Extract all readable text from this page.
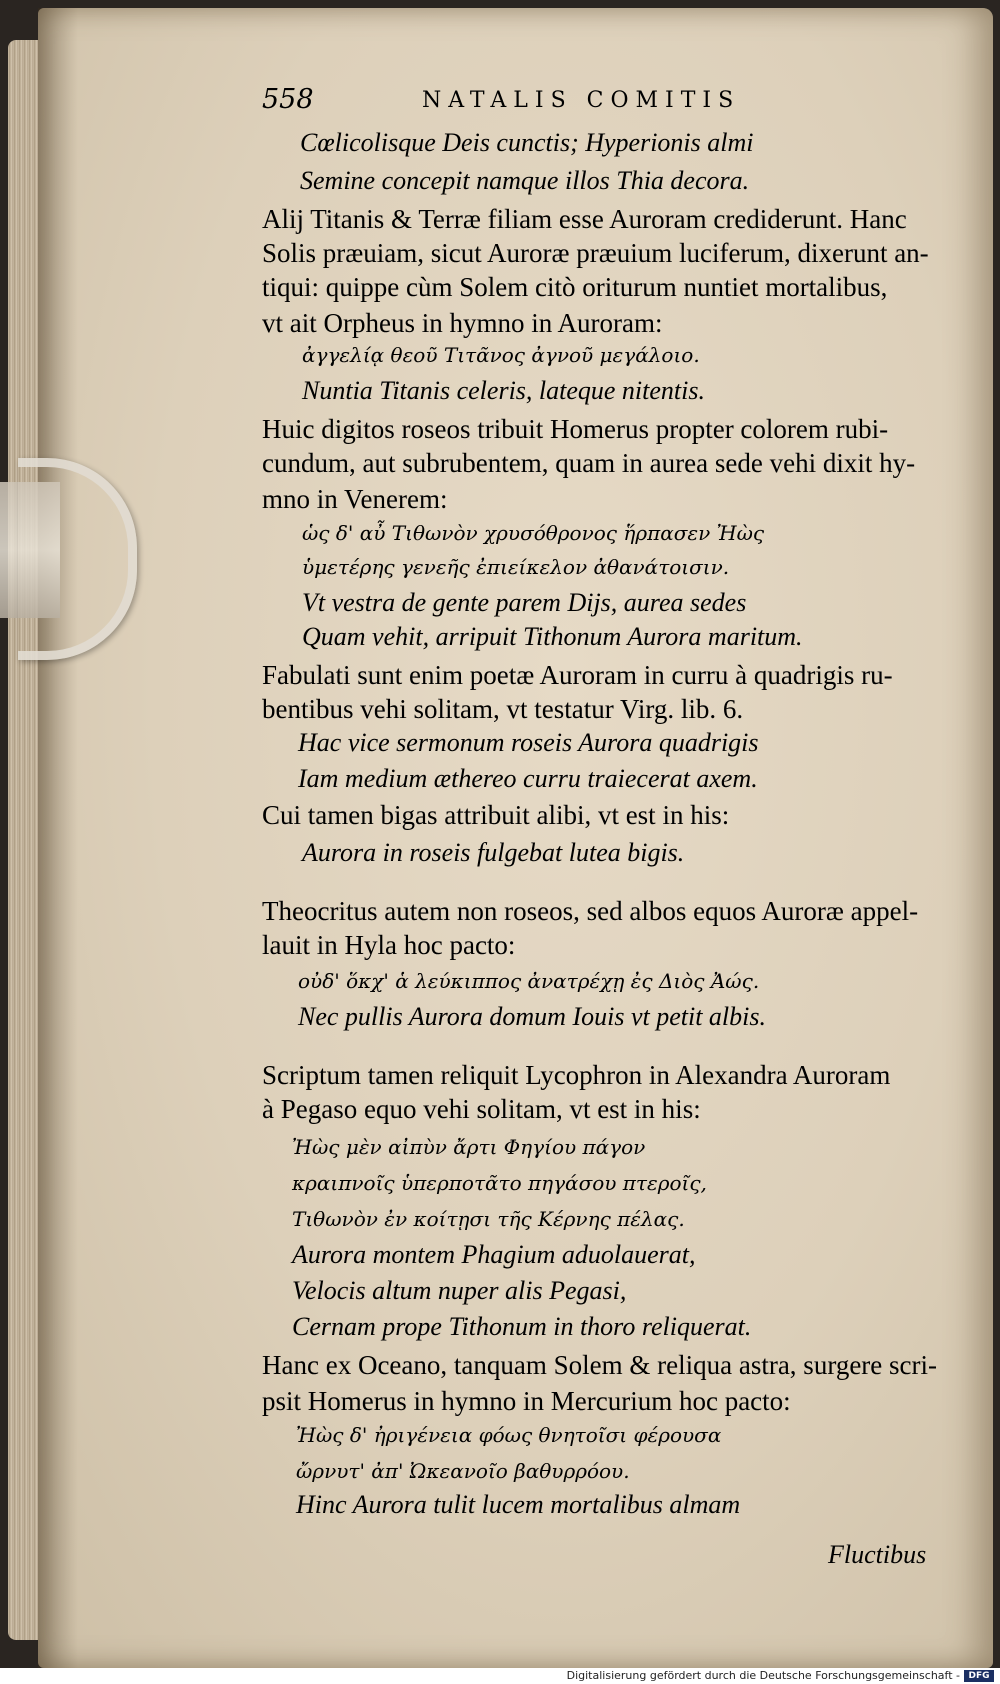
558	NATALIS COMITIS
Cœlicolisque Deis cunctis; Hyperionis almi
Semine concepit namque illos Thia decora.
Alij Titanis & Terræ filiam esse Auroram crediderunt. Hanc
Solis præuiam, sicut Auroræ præuium luciferum, dixerunt an-
tiqui: quippe cùm Solem citò oriturum nuntiet mortalibus,
vt ait Orpheus in hymno in Auroram:
ἀγγελίᾳ θεοῦ Τιτᾶνος ἀγνοῦ μεγάλοιο.
Nuntia Titanis celeris, lateque nitentis.
Huic digitos roseos tribuit Homerus propter colorem rubi-
cundum, aut subrubentem, quam in aurea sede vehi dixit hy-
mno in Venerem:
ὡς δ' αὖ Τιθωνὸν χρυσόθρονος ἥρπασεν Ἠὼς
ὑμετέρης γενεῆς ἐπιείκελον ἀθανάτοισιν.
Vt vestra de gente parem Dijs, aurea sedes
Quam vehit, arripuit Tithonum Aurora maritum.
Fabulati sunt enim poetæ Auroram in curru à quadrigis ru-
bentibus vehi solitam, vt testatur Virg. lib. 6.
Hac vice sermonum roseis Aurora quadrigis
Iam medium æthereo curru traiecerat axem.
Cui tamen bigas attribuit alibi, vt est in his:
Aurora in roseis fulgebat lutea bigis.
Theocritus autem non roseos, sed albos equos Auroræ appel-
lauit in Hyla hoc pacto:
οὐδ' ὅκχ' ἁ λεύκιππος ἀνατρέχῃ ἐς Διὸς Ἀώς.
Nec pullis Aurora domum Iouis vt petit albis.
Scriptum tamen reliquit Lycophron in Alexandra Auroram
à Pegaso equo vehi solitam, vt est in his:
Ἠὼς μὲν αἰπὺν ἄρτι Φηγίου πάγον
κραιπνοῖς ὑπερποτᾶτο πηγάσου πτεροῖς,
Τιθωνὸν ἐν κοίτῃσι τῆς Κέρνης πέλας.
Aurora montem Phagium aduolauerat,
Velocis altum nuper alis Pegasi,
Cernam prope Tithonum in thoro reliquerat.
Hanc ex Oceano, tanquam Solem & reliqua astra, surgere scri-
psit Homerus in hymno in Mercurium hoc pacto:
Ἠὼς δ' ἠριγένεια φόως θνητοῖσι φέρουσα
ὤρνυτ' ἀπ' Ὠκεανοῖο βαθυρρόου.
Hinc Aurora tulit lucem mortalibus almam
Fluctibus
Digitalisierung gefördert durch die Deutsche Forschungsgemeinschaft - DFG
